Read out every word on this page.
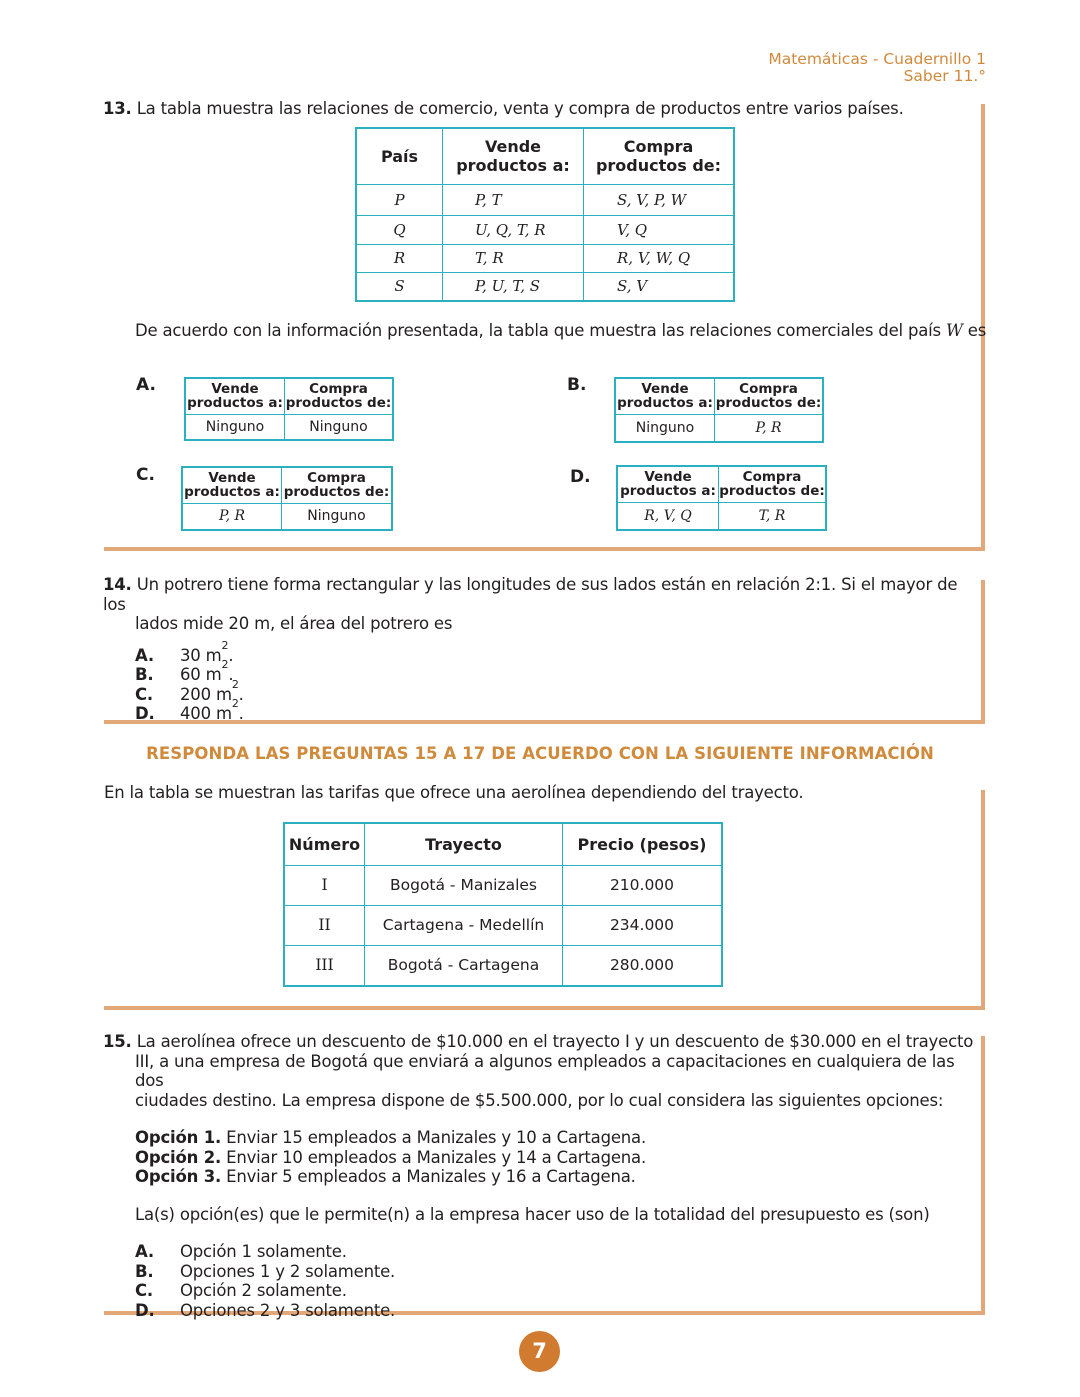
Matemáticas - Cuadernillo 1
Saber 11.°
13. La tabla muestra las relaciones de comercio, venta y compra de productos entre varios países.
País	Vende productos a:	Compra productos de:
P	P, T	S, V, P, W
Q	U, Q, T, R	V, Q
R	T, R	R, V, W, Q
S	P, U, T, S	S, V
De acuerdo con la información presentada, la tabla que muestra las relaciones comerciales del país W es
A.	Vende productos a:	Compra productos de:
Ninguno	Ninguno
B.	Vende productos a:	Compra productos de:
Ninguno	P, R
C.	Vende productos a:	Compra productos de:
P, R	Ninguno
D.	Vende productos a:	Compra productos de:
R, V, Q	T, R
14. Un potrero tiene forma rectangular y las longitudes de sus lados están en relación 2:1. Si el mayor de los
lados mide 20 m, el área del potrero es
A.	30 m
2
.
B.	60 m
2
.
C.	200 m
2
.
D.	400 m
2
.
RESPONDA LAS PREGUNTAS 15 A 17 DE ACUERDO CON LA SIGUIENTE INFORMACIÓN
En la tabla se muestran las tarifas que ofrece una aerolínea dependiendo del trayecto.
Número	Trayecto	Precio (pesos)
I	Bogotá - Manizales	210.000
II	Cartagena - Medellín	234.000
III	Bogotá - Cartagena	280.000
15. La aerolínea ofrece un descuento de $10.000 en el trayecto I y un descuento de $30.000 en el trayecto
III, a una empresa de Bogotá que enviará a algunos empleados a capacitaciones en cualquiera de las dos
ciudades destino. La empresa dispone de $5.500.000, por lo cual considera las siguientes opciones:
Opción 1. Enviar 15 empleados a Manizales y 10 a Cartagena.
Opción 2. Enviar 10 empleados a Manizales y 14 a Cartagena.
Opción 3. Enviar 5 empleados a Manizales y 16 a Cartagena.
La(s) opción(es) que le permite(n) a la empresa hacer uso de la totalidad del presupuesto es (son)
A.	Opción 1 solamente.
B.	Opciones 1 y 2 solamente.
C.	Opción 2 solamente.
D.	Opciones 2 y 3 solamente.
7
